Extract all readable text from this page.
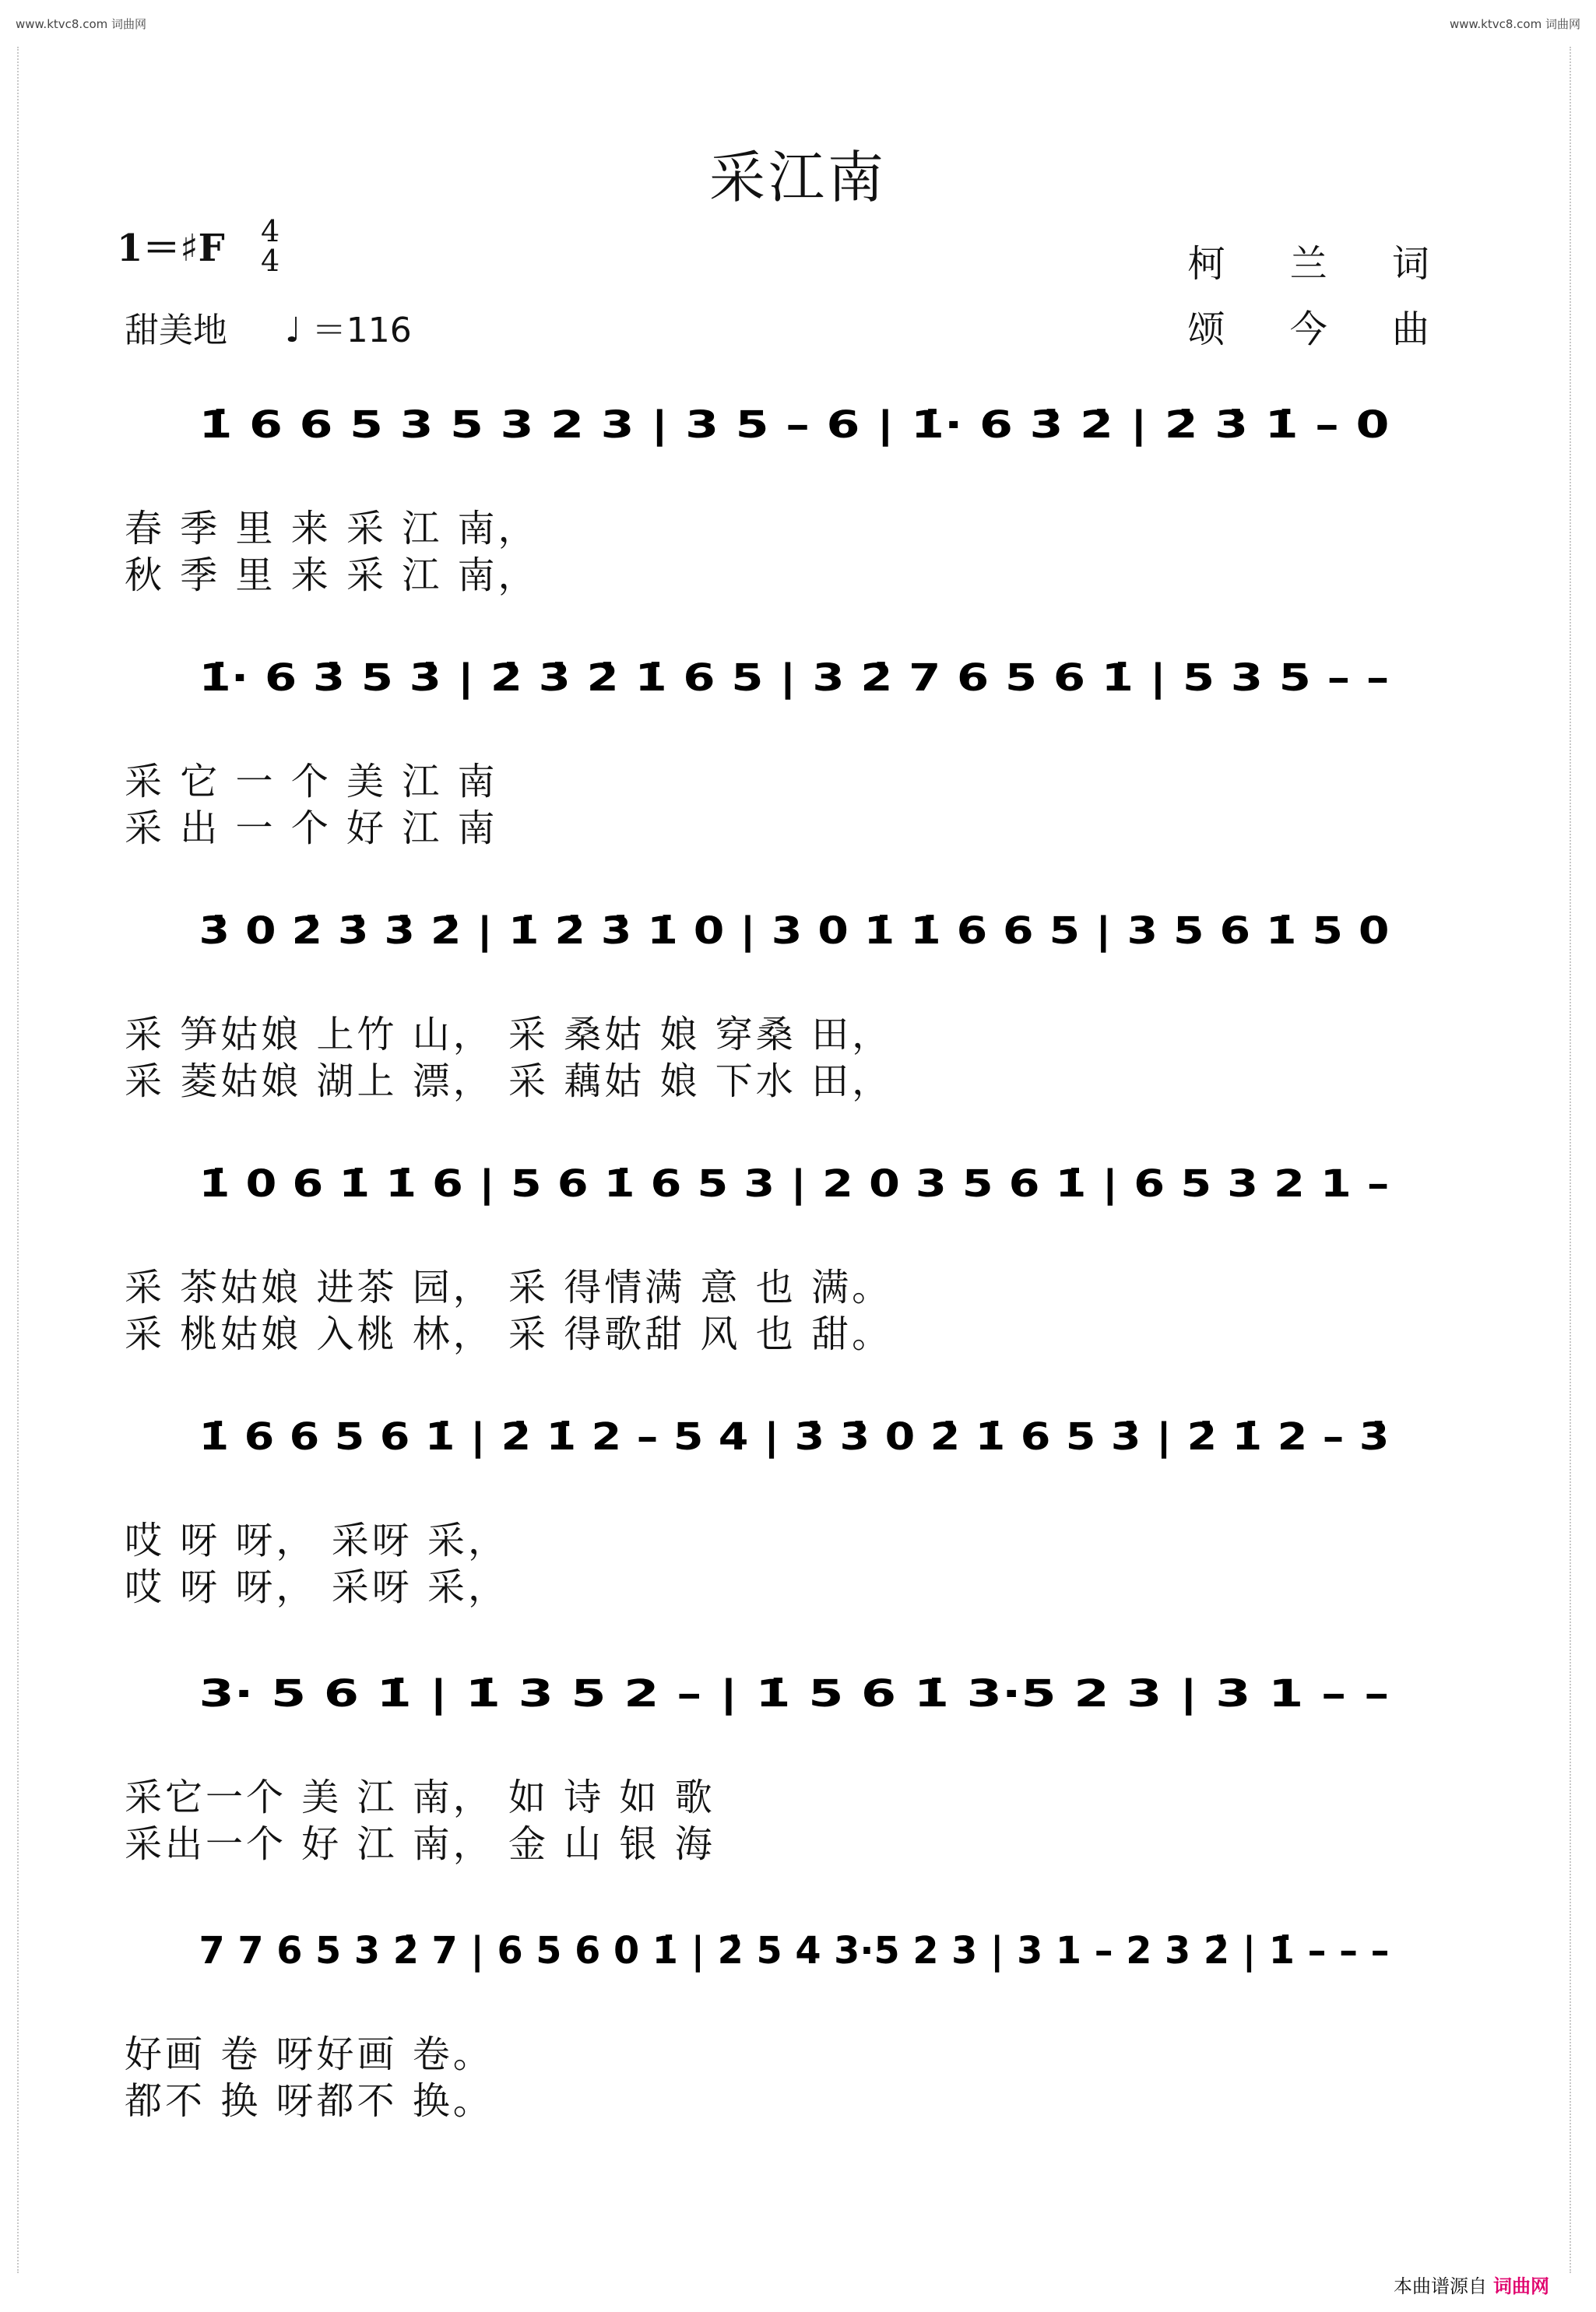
www.ktvc8.com 词曲网	www.ktvc8.com 词曲网
采江南
1＝♯F 4
4
甜美地 ♩ ＝116
柯 兰 词
颂 今 曲
1̇ 6 6 5 3 5 3 2 3 | 3 5 – 6 | 1̇· 6 3̇ 2̇ | 2̇ 3̇ 1̇ – 0
春 季 里 来 采 江 南，
秋 季 里 来 采 江 南，
1̇· 6 3̇ 5 3̇ | 2̇ 3̇ 2̇ 1̇ 6 5 | 3 2̇ 7 6 5 6 1̇ | 5 3 5 – –
采 它 一 个 美 江 南
采 出 一 个 好 江 南
3̇ 0 2̇ 3̇ 3̇ 2̇ | 1̇ 2̇ 3̇ 1̇ 0 | 3 0 1̇ 1̇ 6 6 5 | 3 5 6 1̇ 5 0
采 笋姑娘 上竹 山， 采 桑姑 娘 穿桑 田，
采 菱姑娘 湖上 漂， 采 藕姑 娘 下水 田，
1̇ 0 6 1̇ 1̇ 6 | 5 6 1̇ 6 5 3 | 2 0 3 5 6 1̇ | 6 5 3 2 1 –
采 茶姑娘 进茶 园， 采 得情满 意 也 满。
采 桃姑娘 入桃 林， 采 得歌甜 风 也 甜。
1̇ 6 6 5 6 1̇ | 2̇ 1̇ 2 – 5 4 | 3̇ 3̇ 0 2̇ 1̇ 6 5 3̇ | 2̇ 1̇ 2 – 3̇
哎 呀 呀， 采呀 采，
哎 呀 呀， 采呀 采，
3· 5 6 1̇ | 1̇ 3 5 2 – | 1̇ 5 6 1̇ 3·5 2 3 | 3 1 – –
采它一个 美 江 南， 如 诗 如 歌
采出一个 好 江 南， 金 山 银 海
7 7 6 5 3 2̇ 7 | 6 5 6 0 1̇ | 2̇ 5 4 3·5 2 3 | 3 1 – 2 3 2̇ | 1̇ – – –
好画 卷 呀好画 卷。
都不 换 呀都不 换。
本曲谱源自 词曲网
